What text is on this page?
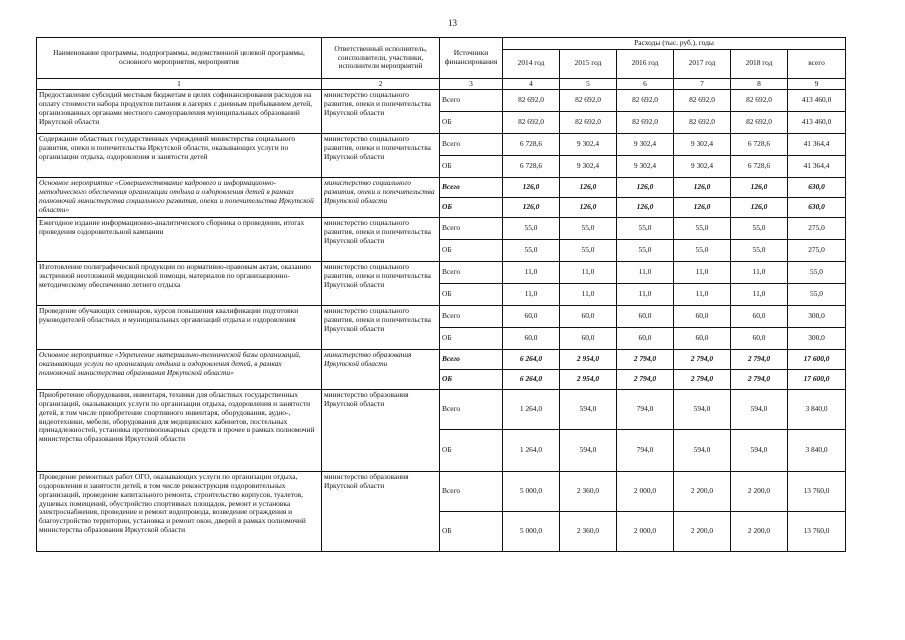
13
Наименование программы, подпрограммы, ведомственной целевой программы, основного мероприятия, мероприятия	Ответственный исполнитель, соисполнители, участники, исполнители мероприятий	Источники финансирования	Расходы (тыс. руб.), годы					
			2014 год	2015 год	2016 год	2017 год	2018 год	всего
1	2	3	4	5	6	7	8	9
Предоставление субсидий местным бюджетам в целях софинансирования расходов на оплату стоимости набора продуктов питания в лагерях с дневным пребыванием детей, организованных органами местного самоуправления муниципальных образований Иркутской области	министерство социального развития, опеки и попечительства Иркутской области	Всего	82 692,0	82 692,0	82 692,0	82 692,0	82 692,0	413 460,0
		ОБ	82 692,0	82 692,0	82 692,0	82 692,0	82 692,0	413 460,0
Содержание областных государственных учреждений министерства социального развития, опеки и попечительства Иркутской области, оказывающих услуги по организации отдыха, оздоровления и занятости детей	министерство социального развития, опеки и попечительства Иркутской области	Всего	6 728,6	9 302,4	9 302,4	9 302,4	6 728,6	41 364,4
		ОБ	6 728,6	9 302,4	9 302,4	9 302,4	6 728,6	41 364,4
Основное мероприятие «Совершенствование кадрового и информационно-методического обеспечения организации отдыха и оздоровления детей в рамках полномочий министерства социального развития, опеки и попечительства Иркутской области»	министерство социального развития, опеки и попечительства Иркутской области	Всего	126,0	126,0	126,0	126,0	126,0	630,0
		ОБ	126,0	126,0	126,0	126,0	126,0	630,0
Ежегодное издание информационно-аналитического сборника о проведении, итогах проведения оздоровительной кампании	министерство социального развития, опеки и попечительства Иркутской области	Всего	55,0	55,0	55,0	55,0	55,0	275,0
		ОБ	55,0	55,0	55,0	55,0	55,0	275,0
Изготовление полиграфической продукции по нормативно-правовым актам, оказанию экстренной неотложной медицинской помощи, материалов по организационно-методическому обеспечению летнего отдыха	министерство социального развития, опеки и попечительства Иркутской области	Всего	11,0	11,0	11,0	11,0	11,0	55,0
		ОБ	11,0	11,0	11,0	11,0	11,0	55,0
Проведение обучающих семинаров, курсов повышения квалификации подготовки руководителей областных и муниципальных организаций отдыха и оздоровления	министерство социального развития, опеки и попечительства Иркутской области	Всего	60,0	60,0	60,0	60,0	60,0	300,0
		ОБ	60,0	60,0	60,0	60,0	60,0	300,0
Основное мероприятие «Укрепление материально-технической базы организаций, оказывающих услуги по организации отдыха и оздоровления детей, в рамках полномочий министерства образования Иркутской области»	министерство образования Иркутской области	Всего	6 264,0	2 954,0	2 794,0	2 794,0	2 794,0	17 600,0
		ОБ	6 264,0	2 954,0	2 794,0	2 794,0	2 794,0	17 600,0
Приобретение оборудования, инвентаря, техники для областных государственных организаций, оказывающих услуги по организации отдыха, оздоровления и занятости детей, в том числе приобретение спортивного инвентаря, оборудования, аудио-, видеотехники, мебели, оборудования для медицинских кабинетов, постельных принадлежностей, установка противопожарных средств и прочее в рамках полномочий министерства образования Иркутской области	министерство образования Иркутской области	Всего	1 264,0	594,0	794,0	594,0	594,0	3 840,0
		ОБ	1 264,0	594,0	794,0	594,0	594,0	3 840,0
Проведение ремонтных работ ОГО, оказывающих услуги по организации отдыха, оздоровления и занятости детей, в том числе реконструкция оздоровительных организаций, проведение капитального ремонта, строительство корпусов, туалетов, душевых помещений, обустройство спортивных площадок, ремонт и установка электроснабжения, проведение и ремонт водопровода, возведение ограждения и благоустройство территории, установка и ремонт окон, дверей в рамках полномочий министерства образования Иркутской области	министерство образования Иркутской области	Всего	5 000,0	2 360,0	2 000,0	2 200,0	2 200,0	13 760,0
		ОБ	5 000,0	2 360,0	2 000,0	2 200,0	2 200,0	13 760,0
